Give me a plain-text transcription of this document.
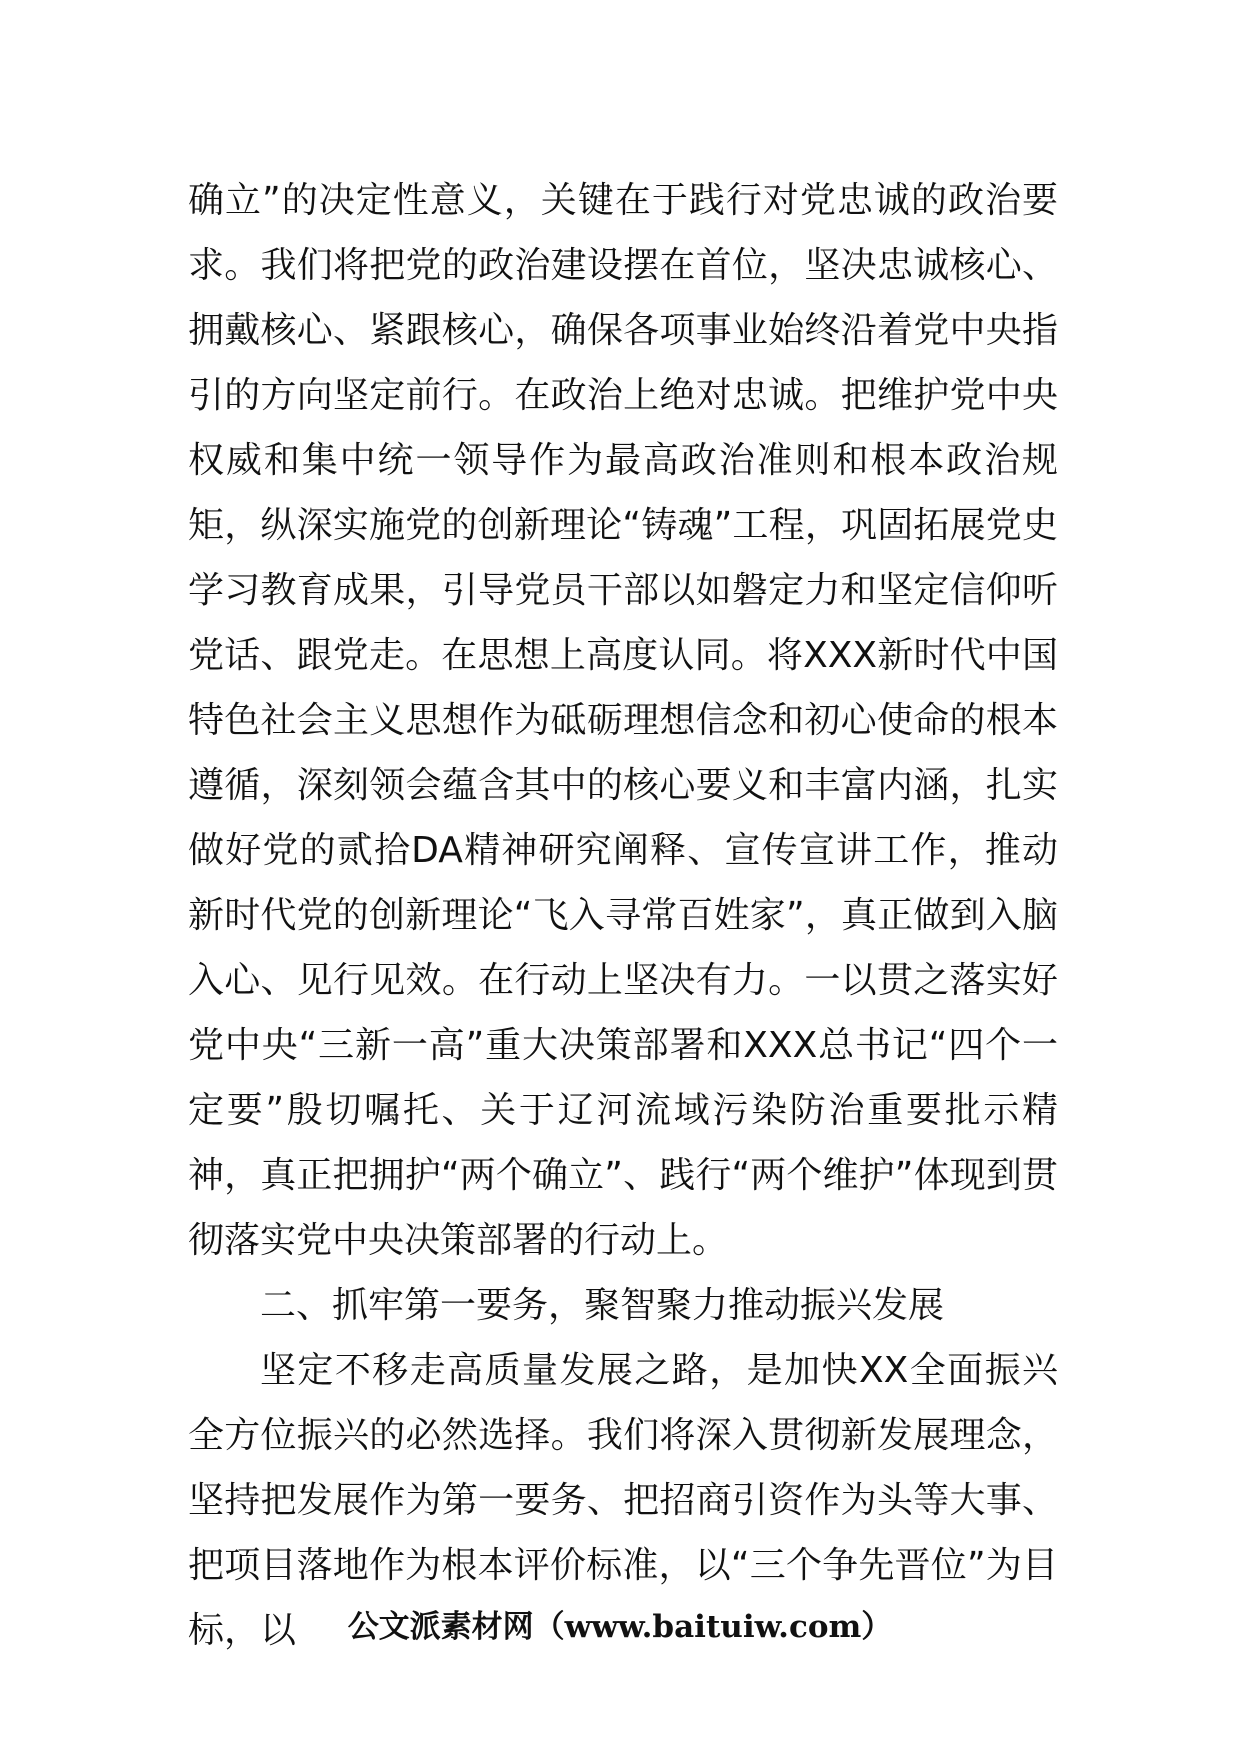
确立”的决定性意义，关键在于践行对党忠诚的政治要求。我们将把党的政治建设摆在首位，坚决忠诚核心、拥戴核心、紧跟核心，确保各项事业始终沿着党中央指引的方向坚定前行。在政治上绝对忠诚。把维护党中央权威和集中统一领导作为最高政治准则和根本政治规矩，纵深实施党的创新理论“铸魂”工程，巩固拓展党史学习教育成果，引导党员干部以如磐定力和坚定信仰听党话、跟党走。在思想上高度认同。将XXX新时代中国特色社会主义思想作为砥砺理想信念和初心使命的根本遵循，深刻领会蕴含其中的核心要义和丰富内涵，扎实做好党的贰拾DA精神研究阐释、宣传宣讲工作，推动新时代党的创新理论“飞入寻常百姓家”，真正做到入脑入心、见行见效。在行动上坚决有力。一以贯之落实好党中央“三新一高”重大决策部署和XXX总书记“四个一定要”殷切嘱托、关于辽河流域污染防治重要批示精神，真正把拥护“两个确立”、践行“两个维护”体现到贯彻落实党中央决策部署的行动上。

二、抓牢第一要务，聚智聚力推动振兴发展

坚定不移走高质量发展之路，是加快XX全面振兴全方位振兴的必然选择。我们将深入贯彻新发展理念，坚持把发展作为第一要务、把招商引资作为头等大事、把项目落地作为根本评价标准，以“三个争先晋位”为目标，以	公文派素材网（www.baituiw.com）
